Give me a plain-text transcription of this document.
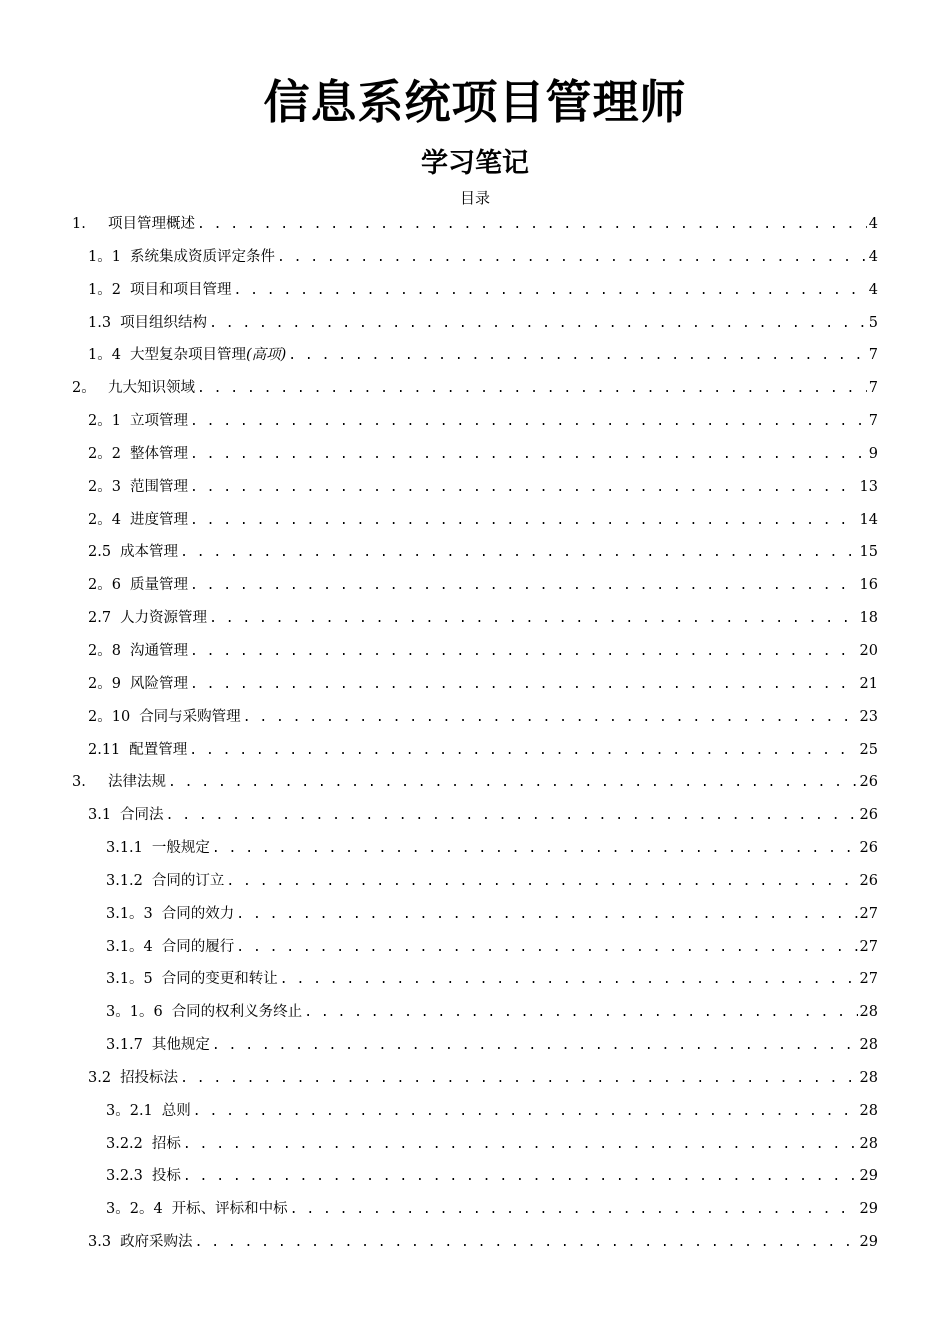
信息系统项目管理师
学习笔记
目录
1.	项目管理概述 . . .	4
1。1 系统集成资质评定条件 . . .	4
1。2 项目和项目管理 . . .	4
1.3 项目组织结构 . . .	5
1。4 大型复杂项目管理 (高项) . . .	7
2。 九大知识领域 . . .	7
2。1 立项管理 . . .	7
2。2 整体管理 . . .	9
2。3 范围管理 . . .	13
2。4 进度管理 . . .	14
2.5 成本管理 . . .	15
2。6 质量管理 . . .	16
2.7 人力资源管理 . . .	18
2。8 沟通管理 . . .	20
2。9 风险管理 . . .	21
2。10 合同与采购管理 . . .	23
2.11 配置管理 . . .	25
3.	法律法规 . . .	26
3.1 合同法 . . .	26
3.1.1 一般规定 . . .	26
3.1.2 合同的订立 . . .	26
3.1。3 合同的效力 . . .	27
3.1。4 合同的履行 . . .	27
3.1。5 合同的变更和转让 . . .	27
3。1。6 合同的权利义务终止 . . .	28
3.1.7 其他规定 . . .	28
3.2 招投标法 . . .	28
3。2.1 总则 . . .	28
3.2.2 招标 . . .	28
3.2.3 投标 . . .	29
3。2。4 开标、评标和中标 . . .	29
3.3 政府采购法 . . .	29
